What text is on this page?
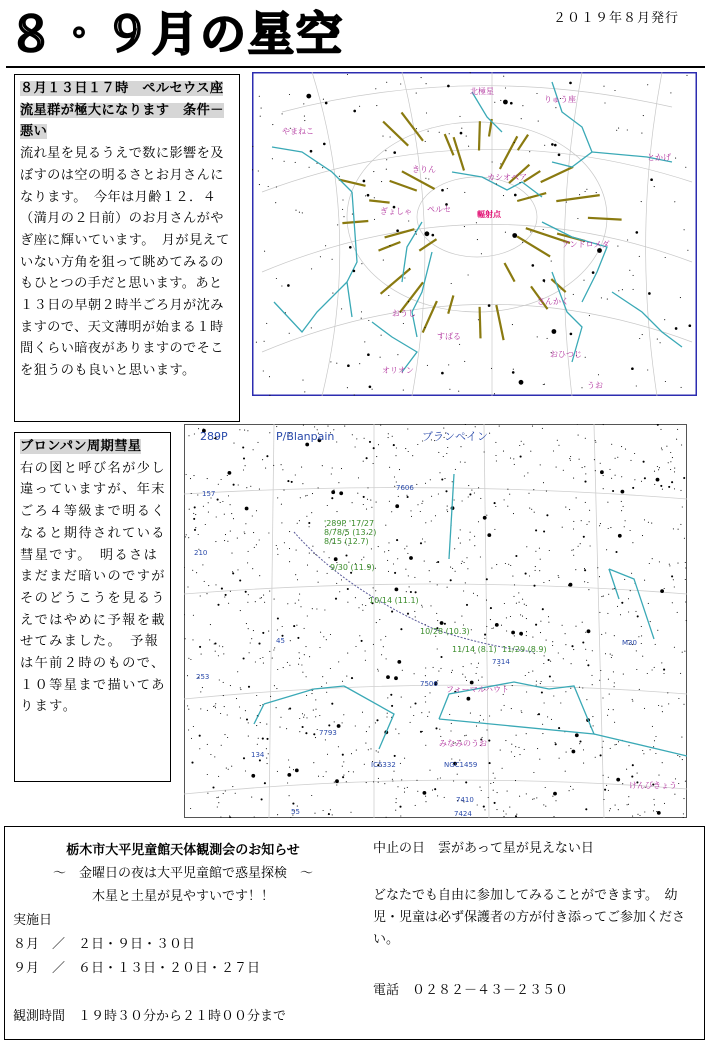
２０１９年８月発行
８・９月の星空
８月１３日１７時　ペルセウス座流星群が極大になります　条件－悪い

流れ星を見るうえで数に影響を及ぼすのは空の明るさとお月さんになります。　今年は月齢１２．４（満月の２日前）のお月さんがやぎ座に輝いています。　月が見えていない方角を狙って眺めてみるのもひとつの手だと思います。あと１３日の早朝２時半ごろ月が沈みますので、天文薄明が始まる１時間くらい暗夜がありますのでそこを狙うのも良いと思います。

北極星
りゅう座
やまねこ
きりん
カシオペア
とかげ
輻射点
ぎょしゃ
アンドロメダ
ペルセ
さんかく
おうし
おひつじ
すばる
オリオン
うお
ブロンパン周期彗星

右の図と呼び名が少し違っていますが、年末ごろ４等級まで明るくなると期待されている彗星です。　明るさはまだまだ暗いのですがそのどうこうを見るうえではやめに予報を載せてみました。　予報は午前２時のもので、１０等星まで描いてあります。

'289P '17/27
8/78/5 (13.2)
8/15 (12.7)
9/30 (11.9)
10/14 (11.1)
10/28 (10.3)
11/14 (8.1) 11/29 (8.9)
157
7606
210
45
253
7506
7314
7793
134
IC5332	NGC1459
7410
7424
55
M30
フォーマルハウト
みなみのうお
けんびきょう
289P	P/Blanpain	ブランペイン
栃木市大平児童館天体観測会のお知らせ
～　金曜日の夜は大平児童館で惑星探検　～
木星と土星が見やすいです！！
実施日
８月　／　２日・９日・３０日
９月　／　６日・１３日・２０日・２７日
観測時間　１９時３０分から２１時００分まで
中止の日　雲があって星が見えない日
どなたでも自由に参加してみることができます。　幼児・児童は必ず保護者の方が付き添ってご参加ください。
電話　０２８２－４３－２３５０
